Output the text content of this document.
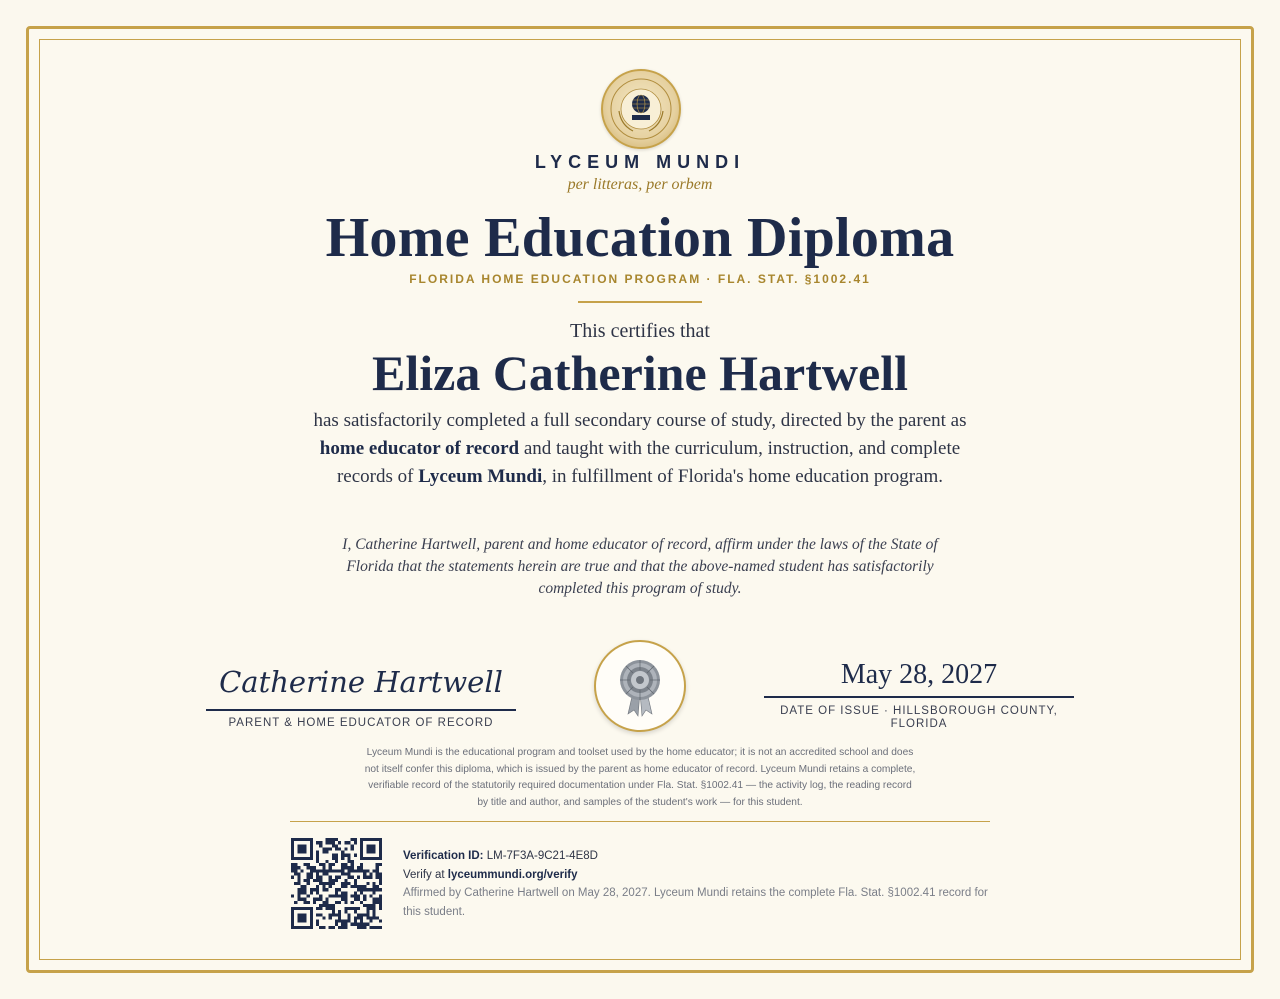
LYCEUM MUNDI
per litteras, per orbem
Home Education Diploma
FLORIDA HOME EDUCATION PROGRAM · FLA. STAT. §1002.41
This certifies that
Eliza Catherine Hartwell
has satisfactorily completed a full secondary course of study, directed by the parent as home educator of record and taught with the curriculum, instruction, and complete records of Lyceum Mundi, in fulfillment of Florida's home education program.
I, Catherine Hartwell, parent and home educator of record, affirm under the laws of the State of Florida that the statements herein are true and that the above-named student has satisfactorily completed this program of study.
Catherine Hartwell
PARENT & HOME EDUCATOR OF RECORD
May 28, 2027
DATE OF ISSUE · HILLSBOROUGH COUNTY, FLORIDA
Lyceum Mundi is the educational program and toolset used by the home educator; it is not an accredited school and does not itself confer this diploma, which is issued by the parent as home educator of record. Lyceum Mundi retains a complete, verifiable record of the statutorily required documentation under Fla. Stat. §1002.41 — the activity log, the reading record by title and author, and samples of the student's work — for this student.
Verification ID: LM-7F3A-9C21-4E8D
Verify at lyceummundi.org/verify
Affirmed by Catherine Hartwell on May 28, 2027. Lyceum Mundi retains the complete Fla. Stat. §1002.41 record for this student.
